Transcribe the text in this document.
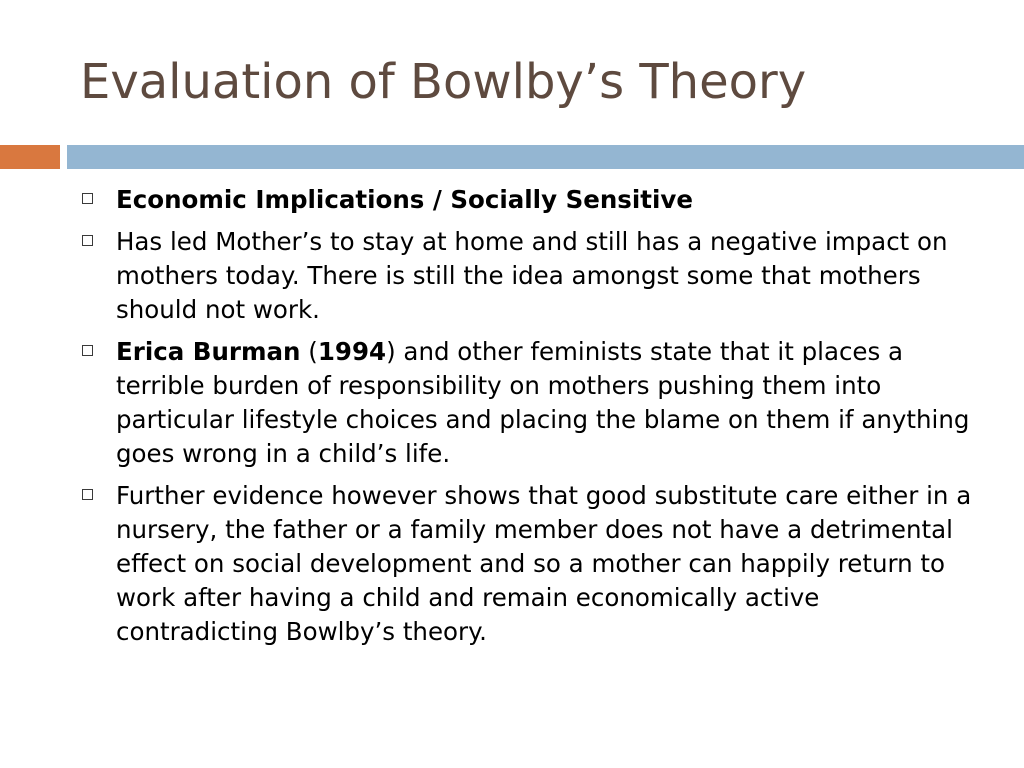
Evaluation of Bowlby’s Theory
Economic Implications / Socially Sensitive
Has led Mother’s to stay at home and still has a negative impact on mothers today. There is still the idea amongst some that mothers should not work.
Erica Burman (1994) and other feminists state that it places a terrible burden of responsibility on mothers pushing them into particular lifestyle choices and placing the blame on them if anything goes wrong in a child’s life.
Further evidence however shows that good substitute care either in a nursery, the father or a family member does not have a detrimental effect on social development and so a mother can happily return to work after having a child and remain economically active contradicting Bowlby’s theory.
